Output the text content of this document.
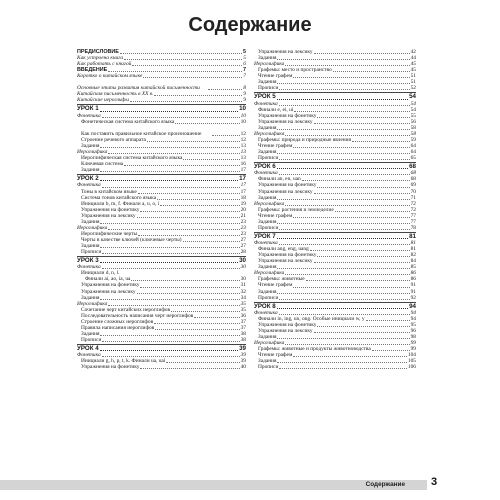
Содержание
ПРЕДИСЛОВИЕ	5
Как устроена книга	5
Как работать с книгой	6
ВВЕДЕНИЕ	7
Коротко о китайском языке	7
Основные этапы развития китайской письменности	8
Китайская письменность в XX в.	9
Китайские иероглифы	9
УРОК 1	10
Фонетика	10
Фонетическая система китайского языка	10
Как поставить правильное китайское произношение	12
Строение речевого аппарата	12
Задания	13
Иероглифика	13
Иероглифическая система китайского языка	13
Ключевая система	16
Задания	17
УРОК 2	17
Фонетика	17
Тоны в китайском языке	17
Система тонов китайского языка	18
Инициали b, m, f. Финали a, u, o, i	19
Упражнения на фонетику	20
Упражнения на лексику	21
Задания	23
Иероглифика	23
Иероглифические черты	23
Черты в качестве ключей (ключевые черты)	27
Задания	27
Прописи	28
УРОК 3	30
Фонетика	30
Инициали d, n, l.
Финали ai, ao, ia, ua	30
Упражнения на фонетику	31
Упражнения на лексику	32
Задания	34
Иероглифика	35
Сочетание черт китайских иероглифов	35
Последовательность написания черт иероглифов	36
Строение сложных иероглифов	37
Правила написания иероглифов	37
Задания	38
Прописи	38
УРОК 4	39
Фонетика	39
Инициали g, h, p, t, k. Финали ua, uai	39
Упражнения на фонетику	40
Упражнения на лексику	42
Задания	44
Иероглифика	45
Графемы: место и пространство	45
Чтение графем	51
Задания	51
Прописи	52
УРОК 5	54
Фонетика	54
Финали e, ei, ui	54
Упражнения на фонетику	55
Упражнения на лексику	56
Задания	58
Иероглифика	58
Графемы: природа и природные явления	59
Чтение графем	64
Задания	64
Прописи	65
УРОК 6	68
Фонетика	68
Финали an, en, uan	68
Упражнения на фонетику	69
Упражнения на лексику	70
Задания	71
Иероглифика	72
Графемы: растения и земледелие	72
Чтение графем	77
Задания	77
Прописи	78
УРОК 7	81
Фонетика	81
Финали ang, eng, uang	81
Упражнения на фонетику	82
Упражнения на лексику	84
Задания	85
Иероглифика	86
Графемы: животные	86
Чтение графем	91
Задания	91
Прописи	92
УРОК 8	94
Фонетика	94
Финали in, ing, un, ong. Особые инициали w, y	94
Упражнения на фонетику	95
Упражнения на лексику	96
Задания	98
Иероглифика	99
Графемы: животные и продукты животноводства	99
Чтение графем	104
Задания	105
Прописи	106
Содержание 3
